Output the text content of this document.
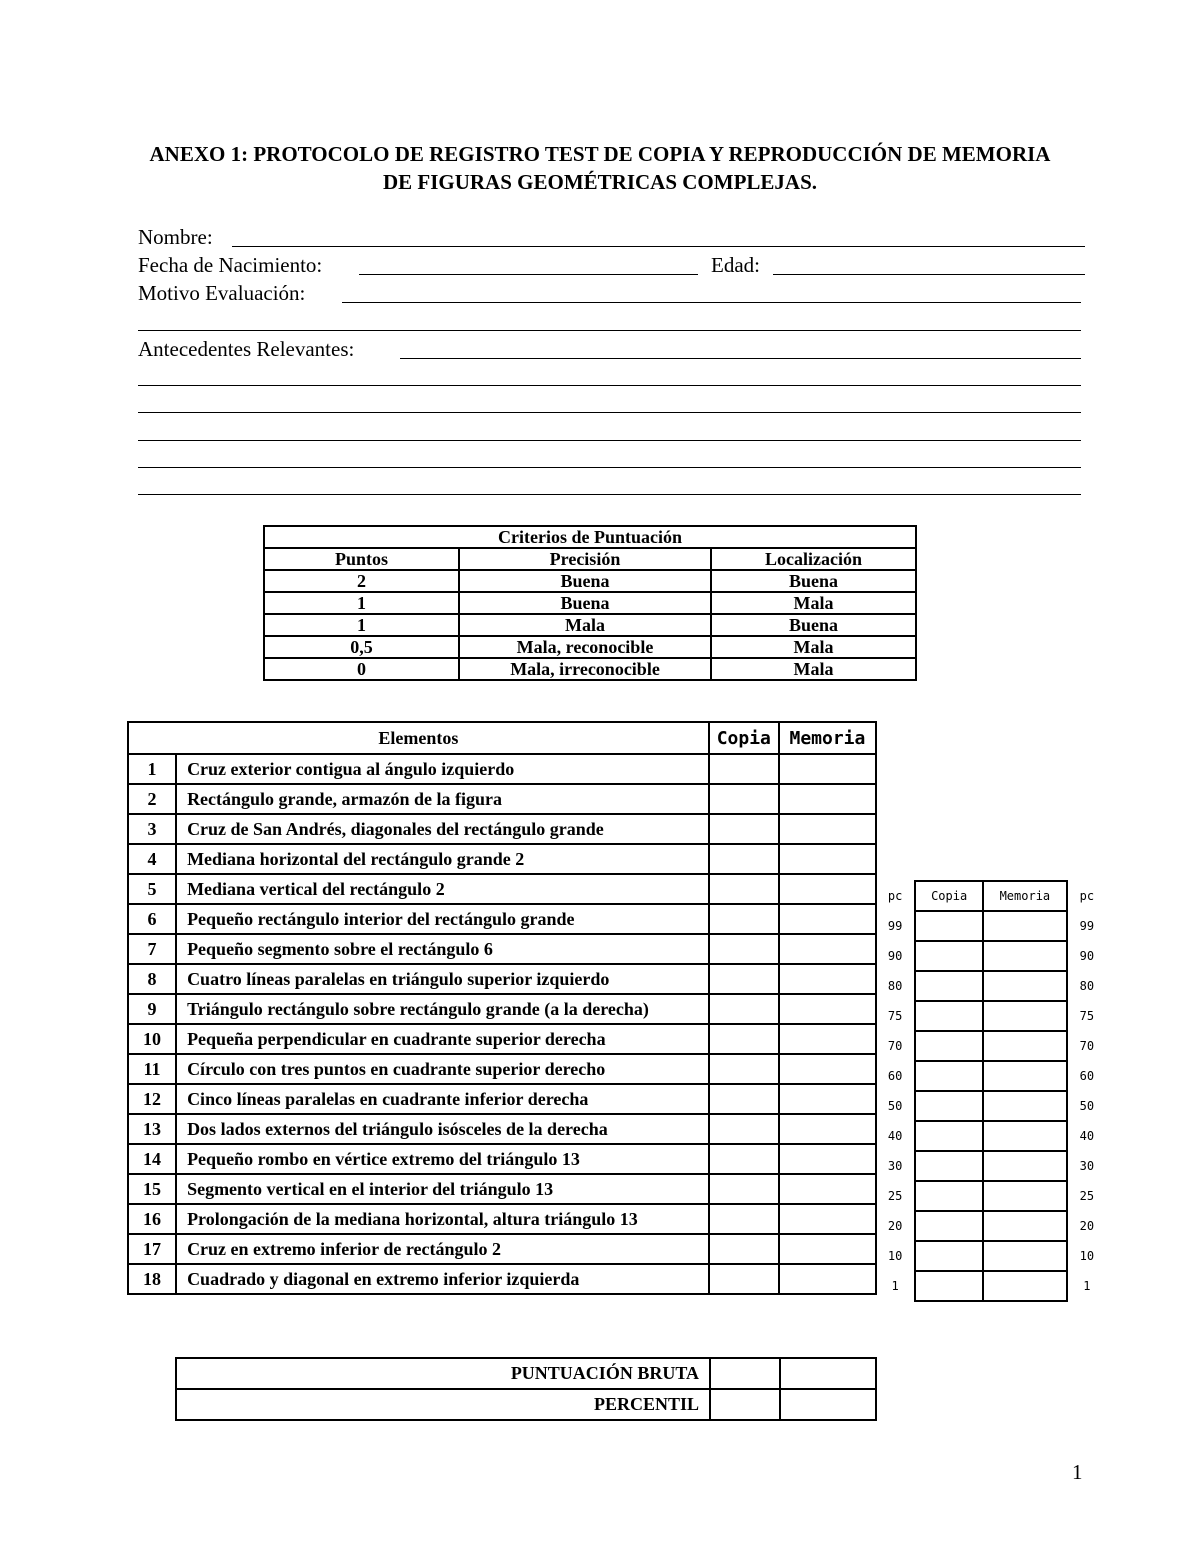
ANEXO 1: PROTOCOLO DE REGISTRO TEST DE COPIA Y REPRODUCCIÓN DE MEMORIA
DE FIGURAS GEOMÉTRICAS COMPLEJAS.
Nombre:
Fecha de Nacimiento:	Edad:
Motivo Evaluación:
Antecedentes Relevantes:
Criterios de Puntuación		
Puntos	Precisión	Localización
2	Buena	Buena
1	Buena	Mala
1	Mala	Buena
0,5	Mala, reconocible	Mala
0	Mala, irreconocible	Mala
Elementos		Copia	Memoria
1	Cruz exterior contigua al ángulo izquierdo		
2	Rectángulo grande, armazón de la figura		
3	Cruz de San Andrés, diagonales del rectángulo grande		
4	Mediana horizontal del rectángulo grande 2		
5	Mediana vertical del rectángulo 2		
6	Pequeño rectángulo interior del rectángulo grande		
7	Pequeño segmento sobre el rectángulo 6		
8	Cuatro líneas paralelas en triángulo superior izquierdo		
9	Triángulo rectángulo sobre rectángulo grande (a la derecha)		
10	Pequeña perpendicular en cuadrante superior derecha		
11	Círculo con tres puntos en cuadrante superior derecho		
12	Cinco líneas paralelas en cuadrante inferior derecha		
13	Dos lados externos del triángulo isósceles de la derecha		
14	Pequeño rombo en vértice extremo del triángulo 13		
15	Segmento vertical en el interior del triángulo 13		
16	Prolongación de la mediana horizontal, altura triángulo 13		
17	Cruz en extremo inferior de rectángulo 2		
18	Cuadrado y diagonal en extremo inferior izquierda		
pc	Copia	Memoria	pc
99			99
90			90
80			80
75			75
70			70
60			60
50			50
40			40
30			30
25			25
20			20
10			10
1			1
PUNTUACIÓN BRUTA		
PERCENTIL		
1
